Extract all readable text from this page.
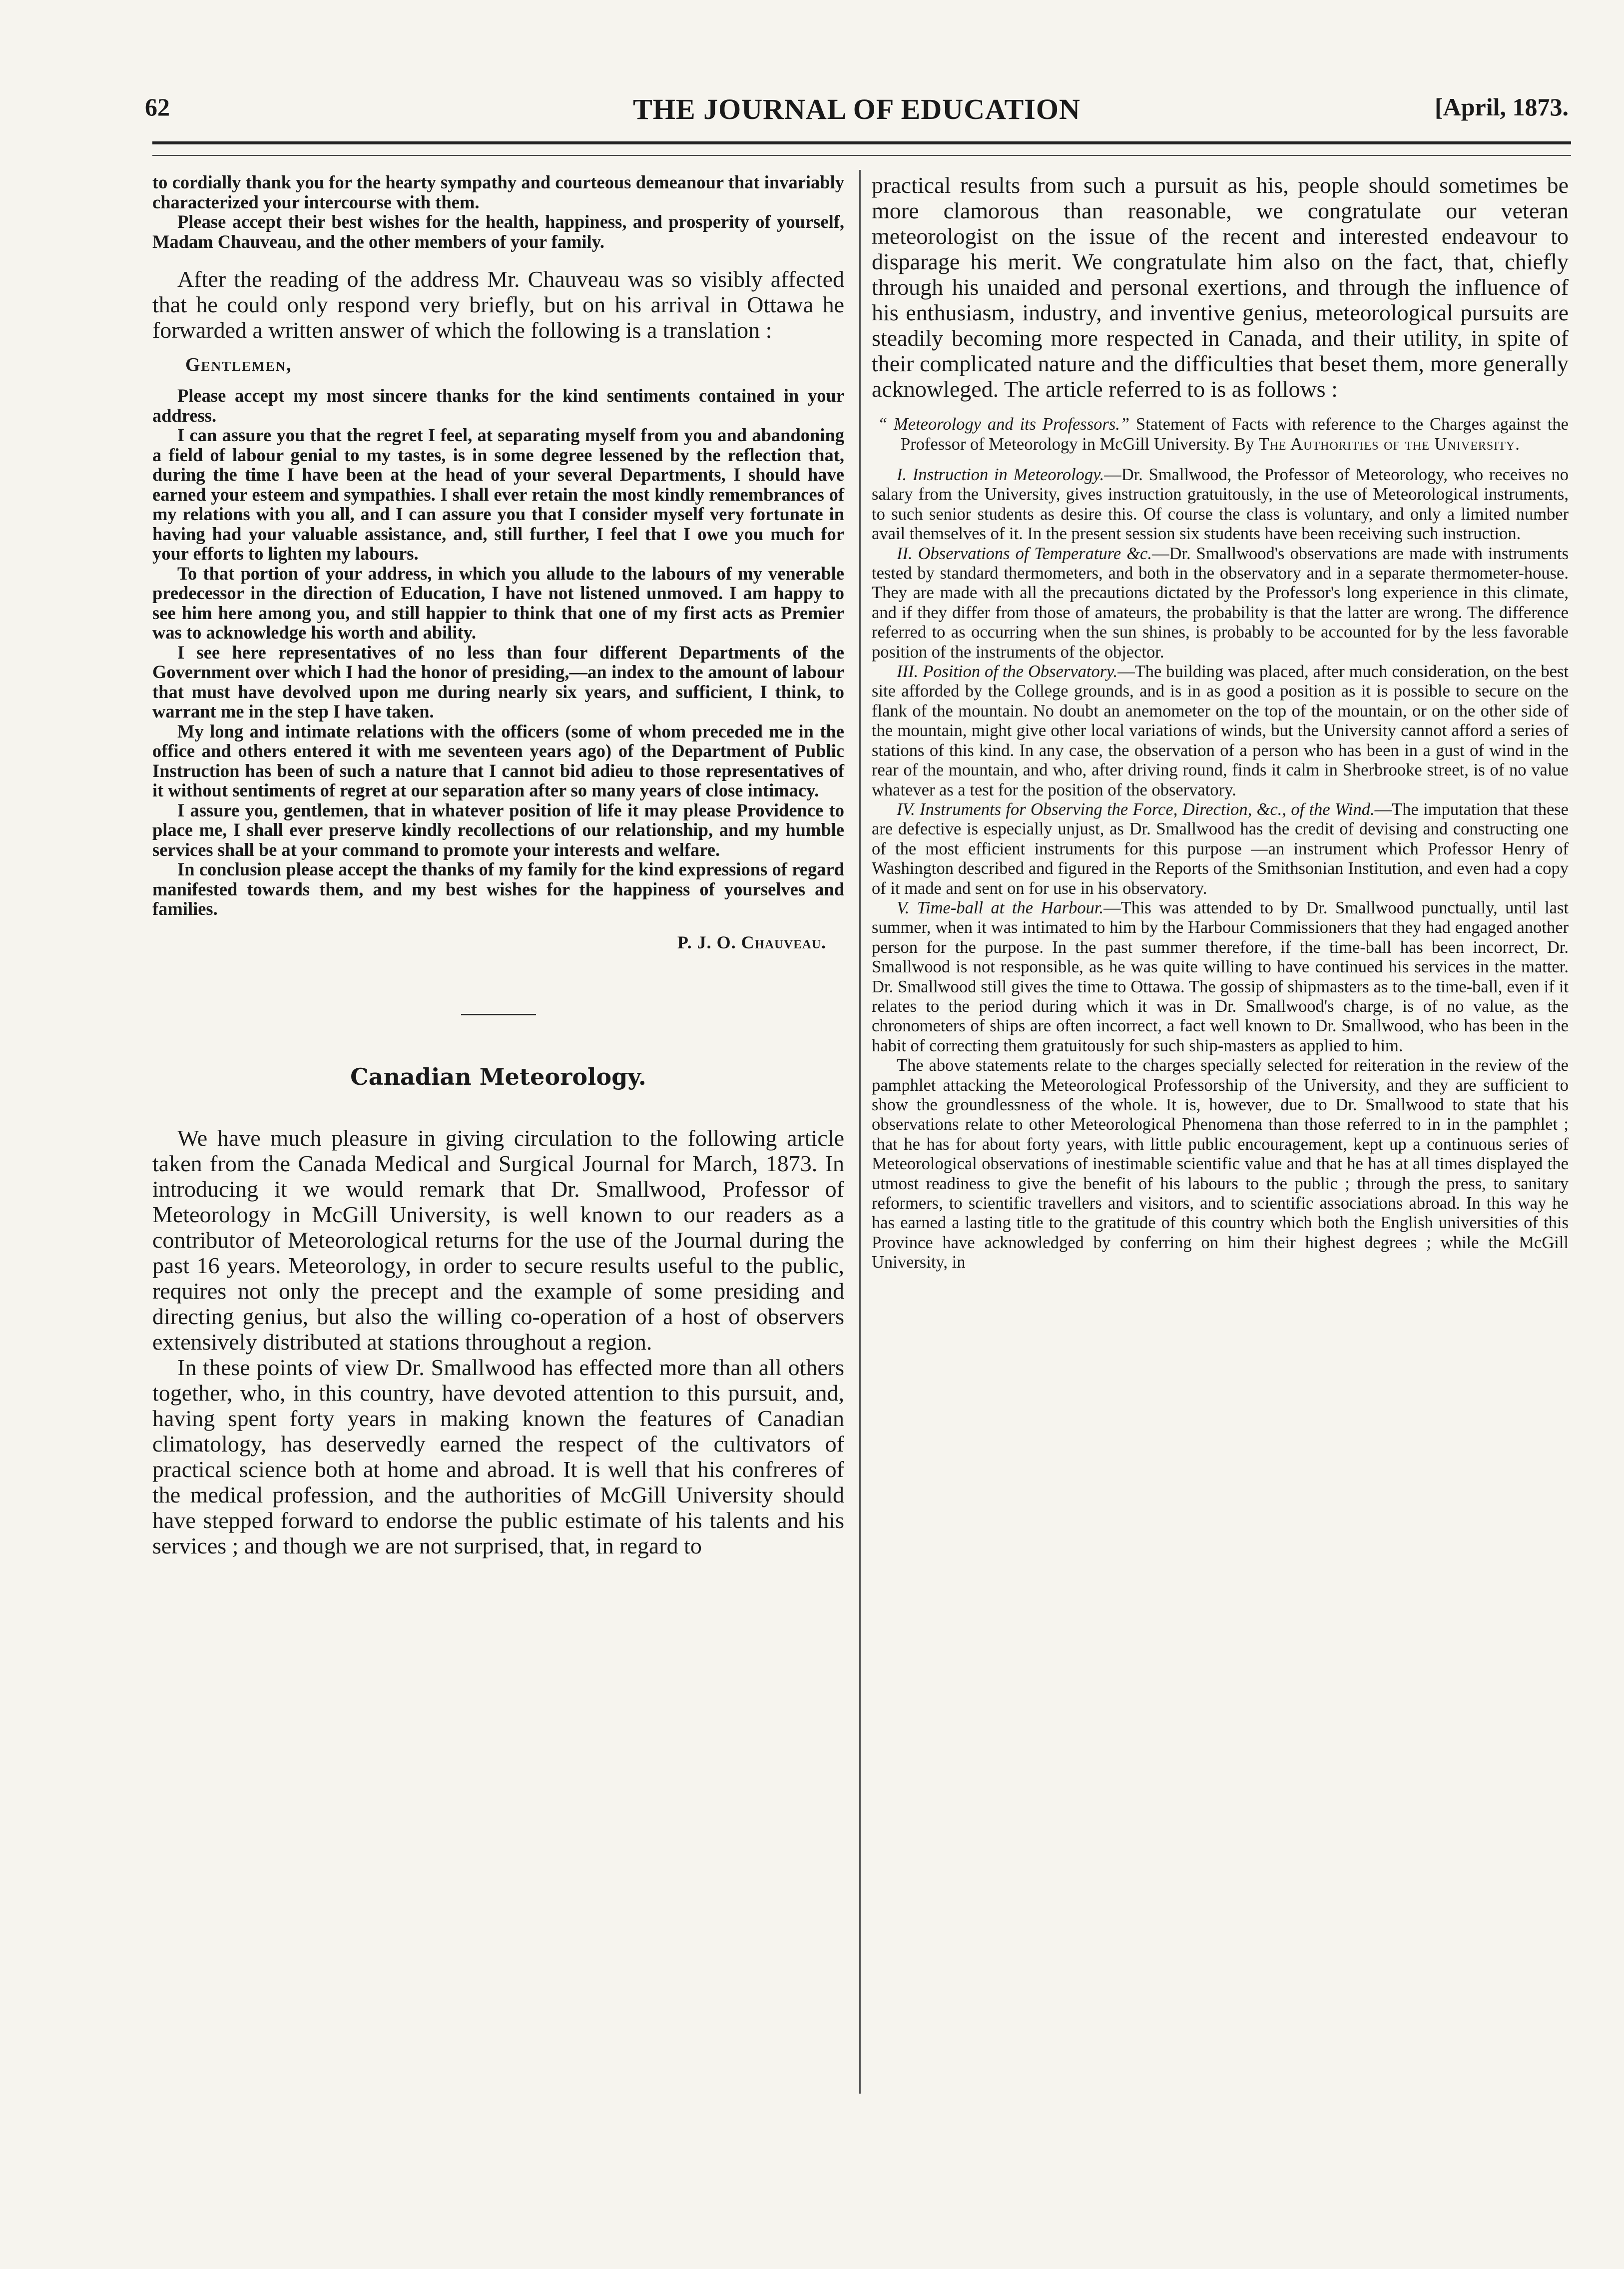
62	THE JOURNAL OF EDUCATION	[April, 1873.

to cordially thank you for the hearty sympathy and courteous demeanour that invariably characterized your intercourse with them.

Please accept their best wishes for the health, happiness, and prosperity of yourself, Madam Chauveau, and the other members of your family.

After the reading of the address Mr. Chauveau was so visibly affected that he could only respond very briefly, but on his arrival in Ottawa he forwarded a written answer of which the following is a translation :

Gentlemen,

Please accept my most sincere thanks for the kind sentiments contained in your address.

I can assure you that the regret I feel, at separating myself from you and abandoning a field of labour genial to my tastes, is in some degree lessened by the reflection that, during the time I have been at the head of your several Departments, I should have earned your esteem and sympathies. I shall ever retain the most kindly remembrances of my relations with you all, and I can assure you that I consider myself very fortunate in having had your valuable assistance, and, still further, I feel that I owe you much for your efforts to lighten my labours.

To that portion of your address, in which you allude to the labours of my venerable predecessor in the direction of Education, I have not listened unmoved. I am happy to see him here among you, and still happier to think that one of my first acts as Premier was to acknowledge his worth and ability.

I see here representatives of no less than four different Departments of the Government over which I had the honor of presiding,—an index to the amount of labour that must have devolved upon me during nearly six years, and sufficient, I think, to warrant me in the step I have taken.

My long and intimate relations with the officers (some of whom preceded me in the office and others entered it with me seventeen years ago) of the Department of Public Instruction has been of such a nature that I cannot bid adieu to those representatives of it without sentiments of regret at our separation after so many years of close intimacy.

I assure you, gentlemen, that in whatever position of life it may please Providence to place me, I shall ever preserve kindly recollections of our relationship, and my humble services shall be at your command to promote your interests and welfare.

In conclusion please accept the thanks of my family for the kind expressions of regard manifested towards them, and my best wishes for the happiness of yourselves and families.

P. J. O. Chauveau.
Canadian Meteorology.

We have much pleasure in giving circulation to the following article taken from the Canada Medical and Surgical Journal for March, 1873. In introducing it we would remark that Dr. Smallwood, Professor of Meteorology in McGill University, is well known to our readers as a contributor of Meteorological returns for the use of the Journal during the past 16 years. Meteorology, in order to secure results useful to the public, requires not only the precept and the example of some presiding and directing genius, but also the willing co-operation of a host of observers extensively distributed at stations throughout a region.

In these points of view Dr. Smallwood has effected more than all others together, who, in this country, have devoted attention to this pursuit, and, having spent forty years in making known the features of Canadian climatology, has deservedly earned the respect of the cultivators of practical science both at home and abroad. It is well that his confreres of the medical profession, and the authorities of McGill University should have stepped forward to endorse the public estimate of his talents and his services ; and though we are not surprised, that, in regard to

practical results from such a pursuit as his, people should sometimes be more clamorous than reasonable, we congratulate our veteran meteorologist on the issue of the recent and interested endeavour to disparage his merit. We congratulate him also on the fact, that, chiefly through his unaided and personal exertions, and through the influence of his enthusiasm, industry, and inventive genius, meteorological pursuits are steadily becoming more respected in Canada, and their utility, in spite of their complicated nature and the difficulties that beset them, more generally acknowleged. The article referred to is as follows :

“ Meteorology and its Professors.” Statement of Facts with reference to the Charges against the Professor of Meteorology in McGill University. By The Authorities of the University.

I. Instruction in Meteorology.—Dr. Smallwood, the Professor of Meteorology, who receives no salary from the University, gives instruction gratuitously, in the use of Meteorological instruments, to such senior students as desire this. Of course the class is voluntary, and only a limited number avail themselves of it. In the present session six students have been receiving such instruction.

II. Observations of Temperature &c.—Dr. Smallwood's observations are made with instruments tested by standard thermometers, and both in the observatory and in a separate thermometer-house. They are made with all the precautions dictated by the Professor's long experience in this climate, and if they differ from those of amateurs, the probability is that the latter are wrong. The difference referred to as occurring when the sun shines, is probably to be accounted for by the less favorable position of the instruments of the objector.

III. Position of the Observatory.—The building was placed, after much consideration, on the best site afforded by the College grounds, and is in as good a position as it is possible to secure on the flank of the mountain. No doubt an anemometer on the top of the mountain, or on the other side of the mountain, might give other local variations of winds, but the University cannot afford a series of stations of this kind. In any case, the observation of a person who has been in a gust of wind in the rear of the mountain, and who, after driving round, finds it calm in Sherbrooke street, is of no value whatever as a test for the position of the observatory.

IV. Instruments for Observing the Force, Direction, &c., of the Wind.—The imputation that these are defective is especially unjust, as Dr. Smallwood has the credit of devising and constructing one of the most efficient instruments for this purpose —an instrument which Professor Henry of Washington described and figured in the Reports of the Smithsonian Institution, and even had a copy of it made and sent on for use in his observatory.

V. Time-ball at the Harbour.—This was attended to by Dr. Smallwood punctually, until last summer, when it was intimated to him by the Harbour Commissioners that they had engaged another person for the purpose. In the past summer therefore, if the time-ball has been incorrect, Dr. Smallwood is not responsible, as he was quite willing to have continued his services in the matter. Dr. Smallwood still gives the time to Ottawa. The gossip of shipmasters as to the time-ball, even if it relates to the period during which it was in Dr. Smallwood's charge, is of no value, as the chronometers of ships are often incorrect, a fact well known to Dr. Smallwood, who has been in the habit of correcting them gratuitously for such ship-masters as applied to him.

The above statements relate to the charges specially selected for reiteration in the review of the pamphlet attacking the Meteorological Professorship of the University, and they are sufficient to show the groundlessness of the whole. It is, however, due to Dr. Smallwood to state that his observations relate to other Meteorological Phenomena than those referred to in in the pamphlet ; that he has for about forty years, with little public encouragement, kept up a continuous series of Meteorological observations of inestimable scientific value and that he has at all times displayed the utmost readiness to give the benefit of his labours to the public ; through the press, to sanitary reformers, to scientific travellers and visitors, and to scientific associations abroad. In this way he has earned a lasting title to the gratitude of this country which both the English universities of this Province have acknowledged by conferring on him their highest degrees ; while the McGill University, in
